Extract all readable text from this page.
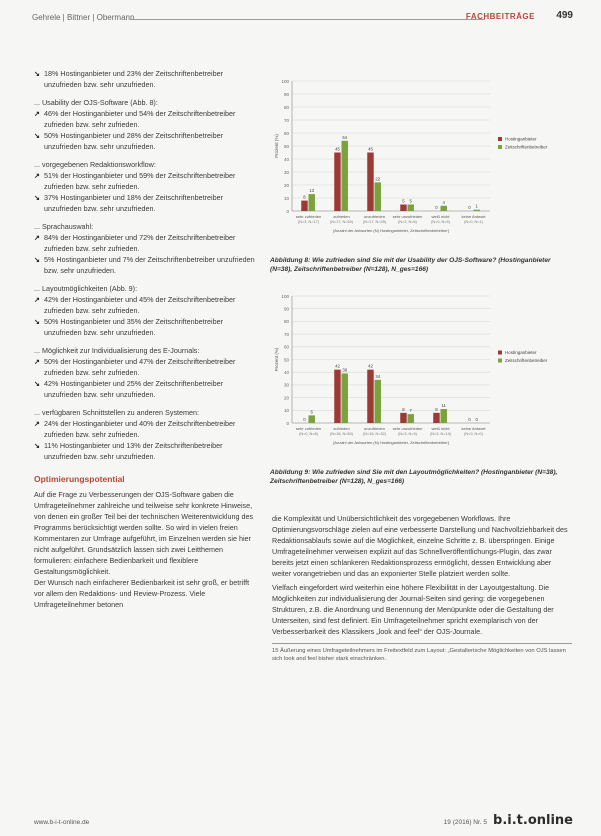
Gehrele | Bittner | Obermann	FACHBEITRÄGE 499
↘ 18% Hostinganbieter und 23% der Zeitschriftenbetreiber unzufrieden bzw. sehr unzufrieden.

... Usability der OJS-Software (Abb. 8):

↗ 46% der Hostinganbieter und 54% der Zeitschriftenbetreiber zufrieden bzw. sehr zufrieden.
↘ 50% Hostinganbieter und 28% der Zeitschriftenbetreiber unzufrieden bzw. sehr unzufrieden.

... vorgegebenen Redaktionsworkflow:

↗ 51% der Hostinganbieter und 59% der Zeitschriftenbetreiber zufrieden bzw. sehr zufrieden.
↘ 37% Hostinganbieter und 18% der Zeitschriftenbetreiber unzufrieden bzw. sehr unzufrieden.

... Sprachauswahl:

↗ 84% der Hostinganbieter und 72% der Zeitschriftenbetreiber zufrieden bzw. sehr zufrieden.
↘ 5% Hostinganbieter und 7% der Zeitschriftenbetreiber unzufrieden bzw. sehr unzufrieden.

... Layoutmöglichkeiten (Abb. 9):

↗ 42% der Hostinganbieter und 45% der Zeitschriftenbetreiber zufrieden bzw. sehr zufrieden.
↘ 50% Hostinganbieter und 35% der Zeitschriftenbetreiber unzufrieden bzw. sehr unzufrieden.

... Möglichkeit zur Individualisierung des E-Journals:

↗ 50% der Hostinganbieter und 47% der Zeitschriftenbetreiber zufrieden bzw. sehr zufrieden.
↘ 42% Hostinganbieter und 25% der Zeitschriftenbetreiber unzufrieden bzw. sehr unzufrieden.

... verfügbaren Schnittstellen zu anderen Systemen:

↗ 24% der Hostinganbieter und 40% der Zeitschriftenbetreiber zufrieden bzw. sehr zufrieden.
↘ 11% Hostinganbieter und 13% der Zeitschriftenbetreiber unzufrieden bzw. sehr unzufrieden.
Optimierungspotential

Auf die Frage zu Verbesserungen der OJS-Software gaben die Umfrageteilnehmer zahlreiche und teilweise sehr konkrete Hinweise, von denen ein großer Teil bei der technischen Weiterentwicklung des Programms berücksichtigt werden sollte. So wird in vielen freien Kommentaren zur Umfrage aufgeführt, im Einzelnen werden sie hier nicht aufgeführt. Grundsätzlich lassen sich zwei Leitthemen formulieren: einfachere Bedienbarkeit und flexiblere Gestaltungsmöglichkeit.

Der Wunsch nach einfacherer Bedienbarkeit ist sehr groß, er betrifft vor allem den Redaktions- und Review-Prozess. Viele Umfrageteilnehmer betonen

0
10
20
30
40
50
60
70
80
90
100
Prozent (%)
8
13
sehr zufrieden
(N=3, N=17)
45
54
zufrieden
(N=17, N=69)
45
22
unzufrieden
(N=17, N=28)
5 5
sehr unzufrieden
(N=2, N=6)
0
4
weiß nicht
(N=0, N=5)
0 1
keine Antwort
(N=0, N=1)
[Anzahl der Antworten (N) Hostinganbieter, Zeitschriftenbetreiber]
Hostinganbieter
Zeitschriftenbetreiber
Abbildung 8: Wie zufrieden sind Sie mit der Usability der OJS-Software? (Hostinganbieter (N=38), Zeitschriftenbetreiber (N=128), N_ges=166)
0
10
20
30
40
50
60
70
80
90
100
Prozent (%)
0
6
sehr zufrieden
(N=0, N=8)
42
39
zufrieden
(N=16, N=50)
42
34
unzufrieden
(N=16, N=32)
8 7
sehr unzufrieden
(N=3, N=9)
8
11
weiß nicht
(N=3, N=14)
0 0
keine Antwort
(N=0, N=0)
[Anzahl der Antworten (N) Hostinganbieter, Zeitschriftenbetreiber]
Hostinganbieter
Zeitschriftenbetreiber
Abbildung 9: Wie zufrieden sind Sie mit den Layoutmöglichkeiten? (Hostinganbieter (N=38), Zeitschriftenbetreiber (N=128), N_ges=166)

die Komplexität und Unübersichtlichkeit des vorgegebenen Workflows. Ihre Optimierungsvorschläge zielen auf eine verbesserte Darstellung und Nachvollziehbarkeit des Redaktionsablaufs sowie auf die Möglichkeit, einzelne Schritte z. B. überspringen. Einige Umfrageteilnehmer verweisen explizit auf das Schnellveröffentlichungs-Plugin, das zwar bereits jetzt einen schlankeren Redaktionsprozess ermöglicht, dessen Entwicklung aber weiter vorangetrieben und das an exponierter Stelle platziert werden sollte.

Vielfach eingefordert wird weiterhin eine höhere Flexibilität in der Layoutgestaltung. Die Möglichkeiten zur individualisierung der Journal-Seiten sind gering: die vorgegebenen Strukturen, z.B. die Anordnung und Benennung der Menüpunkte oder die Gestaltung der Unterseiten, sind fest definiert. Ein Umfrageteilnehmer spricht exemplarisch von der Verbesserbarkeit des Klassikers „look and feel“ der OJS-Journale.

15 Äußerung eines Umfrageteilnehmers im Freitextfeld zum Layout: „Gestalterische Möglichkeiten von OJS lassen sich look and feel bisher stark einschränken.
www.b-i-t-online.de	19 (2016) Nr. 5 b.i.t.online
